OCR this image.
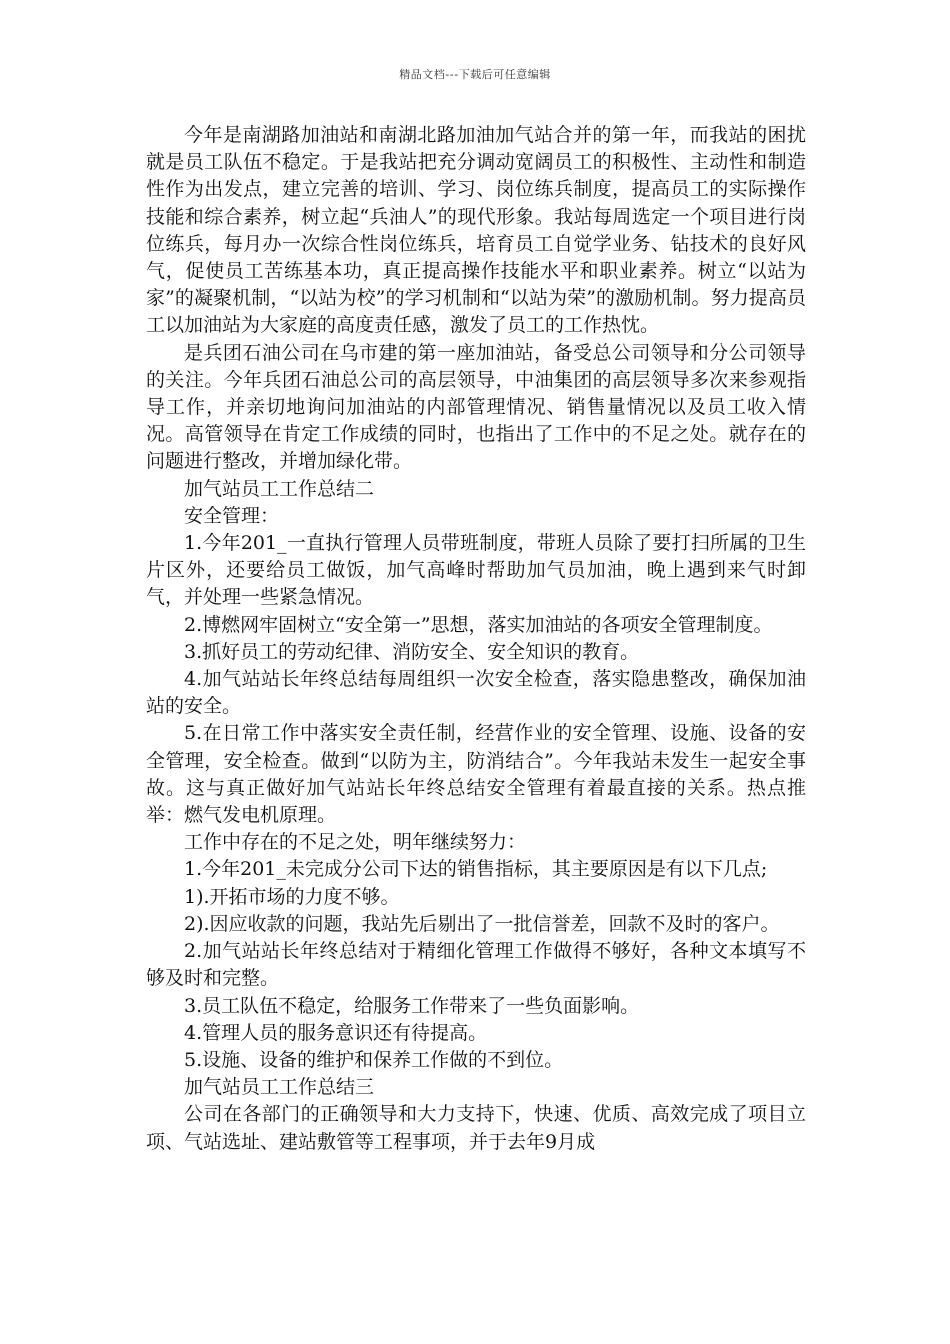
精品文档---下载后可任意编辑

今年是南湖路加油站和南湖北路加油加气站合并的第一年，而我站的困扰就是员工队伍不稳定。于是我站把充分调动宽阔员工的积极性、主动性和制造性作为出发点，建立完善的培训、学习、岗位练兵制度，提高员工的实际操作技能和综合素养，树立起“兵油人”的现代形象。我站每周选定一个项目进行岗位练兵，每月办一次综合性岗位练兵，培育员工自觉学业务、钻技术的良好风气，促使员工苦练基本功，真正提高操作技能水平和职业素养。树立“以站为家”的凝聚机制，“以站为校”的学习机制和“以站为荣”的激励机制。努力提高员工以加油站为大家庭的高度责任感，激发了员工的工作热忱。

是兵团石油公司在乌市建的第一座加油站，备受总公司领导和分公司领导的关注。今年兵团石油总公司的高层领导，中油集团的高层领导多次来参观指导工作，并亲切地询问加油站的内部管理情况、销售量情况以及员工收入情况。高管领导在肯定工作成绩的同时，也指出了工作中的不足之处。就存在的问题进行整改，并增加绿化带。

加气站员工工作总结二

安全管理：

1.今年201_一直执行管理人员带班制度，带班人员除了要打扫所属的卫生片区外，还要给员工做饭，加气高峰时帮助加气员加油，晚上遇到来气时卸气，并处理一些紧急情况。

2.博燃网牢固树立“安全第一”思想，落实加油站的各项安全管理制度。

3.抓好员工的劳动纪律、消防安全、安全知识的教育。

4.加气站站长年终总结每周组织一次安全检查，落实隐患整改，确保加油站的安全。

5.在日常工作中落实安全责任制，经营作业的安全管理、设施、设备的安全管理，安全检查。做到“以防为主，防消结合”。今年我站未发生一起安全事故。这与真正做好加气站站长年终总结安全管理有着最直接的关系。热点推举：燃气发电机原理。

工作中存在的不足之处，明年继续努力：

1.今年201_未完成分公司下达的销售指标，其主要原因是有以下几点;

1).开拓市场的力度不够。

2).因应收款的问题，我站先后剔出了一批信誉差，回款不及时的客户。

2.加气站站长年终总结对于精细化管理工作做得不够好，各种文本填写不够及时和完整。

3.员工队伍不稳定，给服务工作带来了一些负面影响。

4.管理人员的服务意识还有待提高。

5.设施、设备的维护和保养工作做的不到位。

加气站员工工作总结三

公司在各部门的正确领导和大力支持下，快速、优质、高效完成了项目立项、气站选址、建站敷管等工程事项，并于去年9月成
